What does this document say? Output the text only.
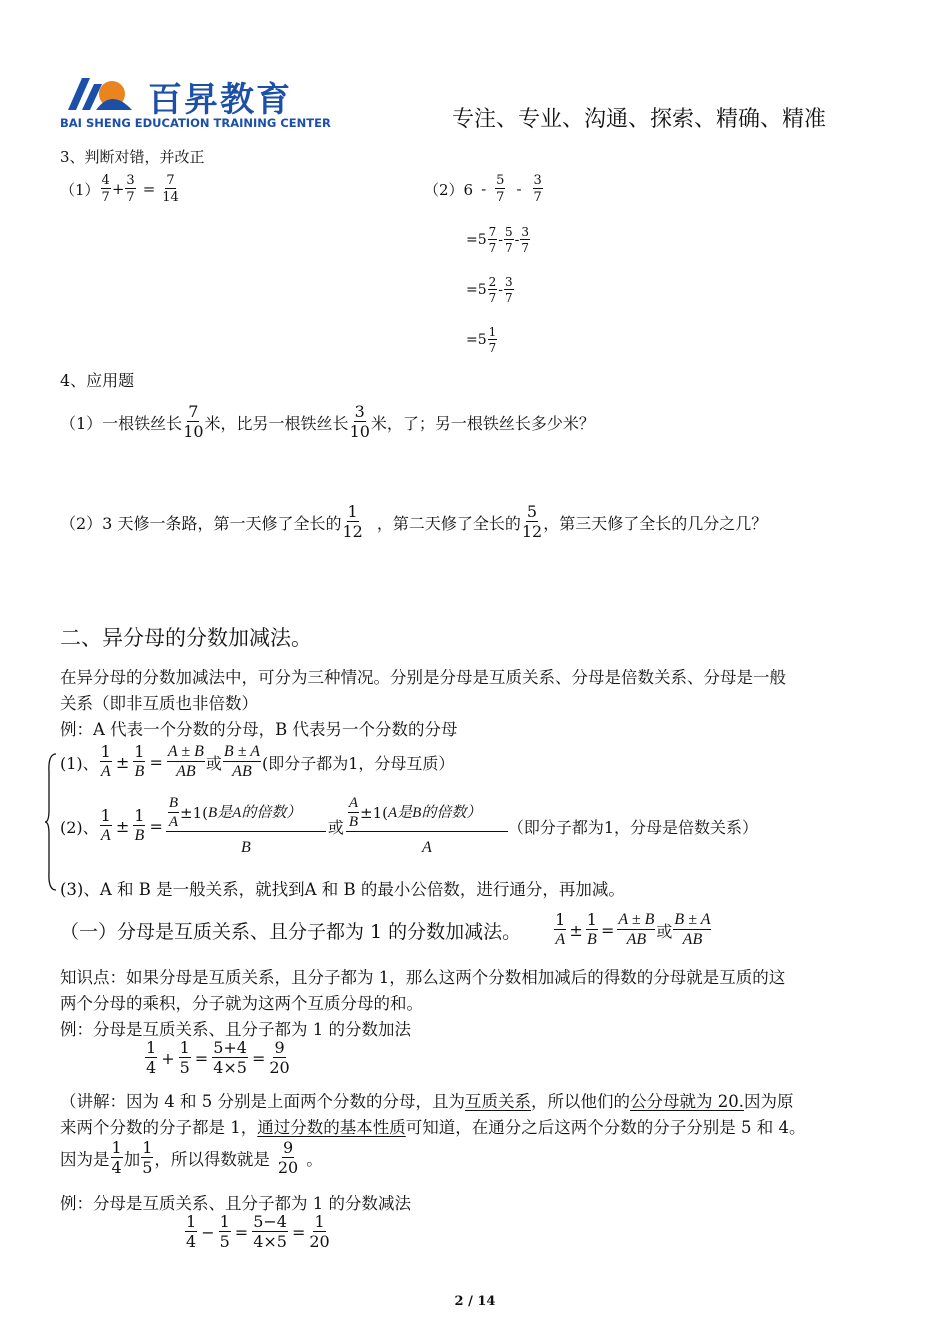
百昇教育
BAI SHENG EDUCATION TRAINING CENTER	专注、专业、沟通、探索、精确、精准
3、判断对错，并改正
（1） 4
$7 + \frac{3}{7} = \frac{7}{14}$	（2）6 - 5
7 - 3
7
=5 7
7 - 5
7 - 3
7
=5 2
7 - 3
7
=5 1
7
4、应用题
（1）一根铁丝长
7
10 米，比另一根铁丝长
3
10 米，了；另一根铁丝长多少米？
（2）3 天修一条路，第一天修了全长的
1
12 ，第二天修了全长的
5
12 ，第三天修了全长的几分之几？
二、异分母的分数加减法。
在异分母的分数加减法中，可分为三种情况。分别是分母是互质关系、分母是倍数关系、分母是一般
关系（即非互质也非倍数）
例：A 代表一个分数的分母，B 代表另一个分数的分母
(1)、
1
$A \pm \frac{1}{B} = \frac{A \pm B}{AB}$ 或
B ± A
AB (即分子都为1，分母互质）
(2)、
1
$A \pm \frac{1}{B}$ =
B
A
±1( B是A的倍数）
B
或
A
B
±1( A是B的倍数）
A
（即分子都为1，分母是倍数关系）
(3)、A 和 B 是一般关系，就找到A 和 B 的最小公倍数，进行通分，再加减。
（一）分母是互质关系、且分子都为 1 的分数加减法。
1
$A \pm \frac{1}{B} = \frac{A \pm B}{AB}$ 或
B ± A
AB
知识点：如果分母是互质关系，且分子都为 1，那么这两个分数相加减后的得数的分母就是互质的这
两个分母的乘积，分子就为这两个互质分母的和。
例：分母是互质关系、且分子都为 1 的分数加法
1
$4 + \frac{1}{5} = \frac{5+4}{4\times 5} = \frac{9}{20}$
（讲解：因为 4 和 5 分别是上面两个分数的分母，且为互质关系，所以他们的公分母就为 20.因为原
来两个分数的分子都是 1，通过分数的基本性质可知道，在通分之后这两个分数的分子分别是 5 和 4。
因为是
1
4 加
1
5 ，所以得数就是
9
20 。
例：分母是互质关系、且分子都为 1 的分数减法
1
$4 - \frac{1}{5} = \frac{5-4}{4\times 5} = \frac{1}{20}$
2 / 14
